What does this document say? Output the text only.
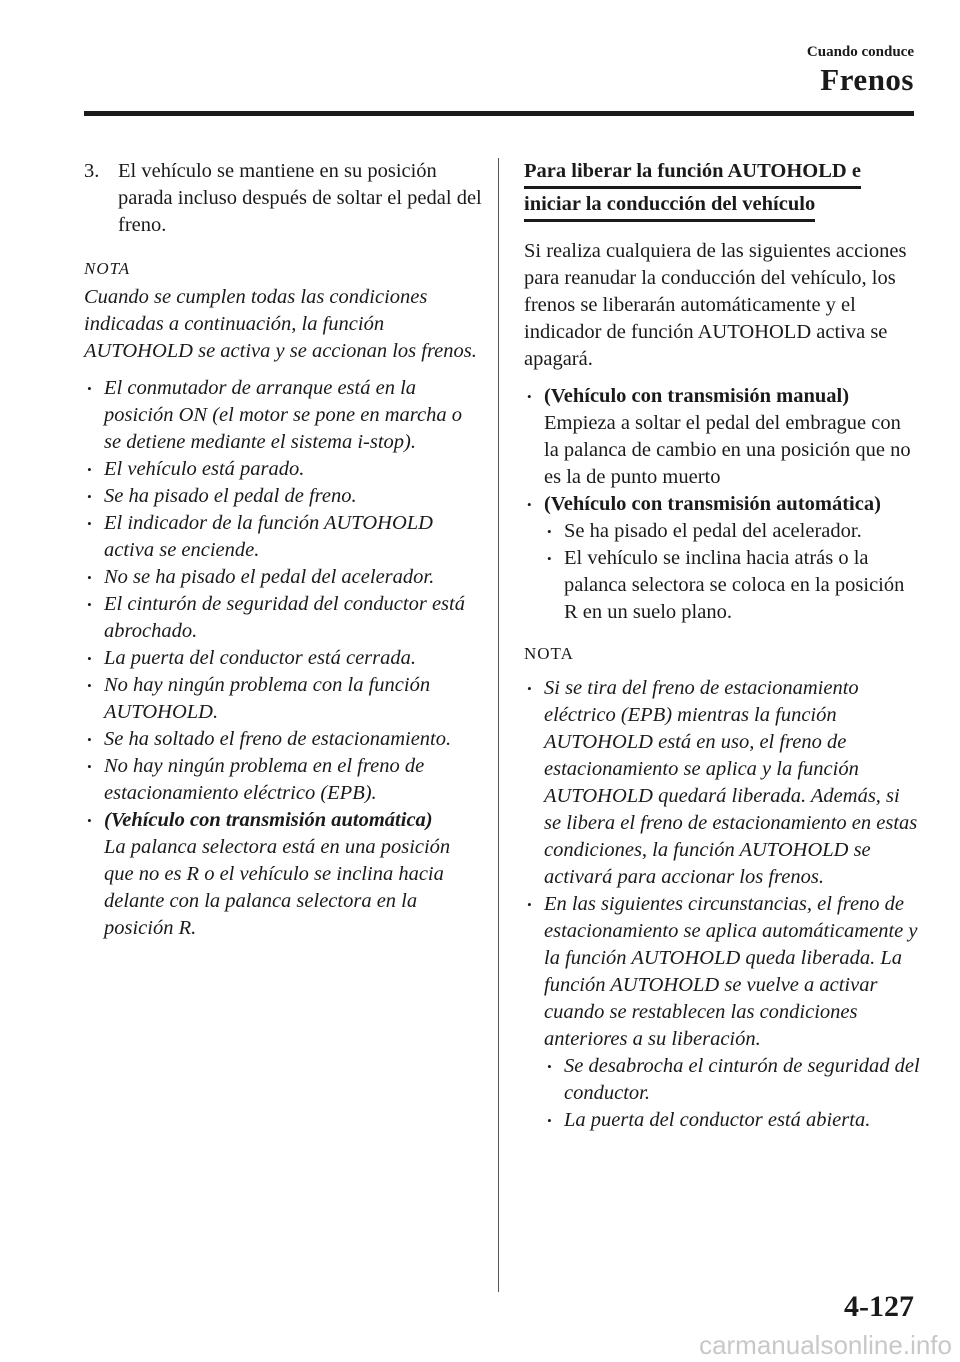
Cuando conduce
Frenos
3. El vehículo se mantiene en su posición parada incluso después de soltar el pedal del freno.
NOTA
Cuando se cumplen todas las condiciones indicadas a continuación, la función AUTOHOLD se activa y se accionan los frenos.
• El conmutador de arranque está en la posición ON (el motor se pone en marcha o se detiene mediante el sistema i-stop).
• El vehículo está parado.
• Se ha pisado el pedal de freno.
• El indicador de la función AUTOHOLD activa se enciende.
• No se ha pisado el pedal del acelerador.
• El cinturón de seguridad del conductor está abrochado.
• La puerta del conductor está cerrada.
• No hay ningún problema con la función AUTOHOLD.
• Se ha soltado el freno de estacionamiento.
• No hay ningún problema en el freno de estacionamiento eléctrico (EPB).
• (Vehículo con transmisión automática)
La palanca selectora está en una posición que no es R o el vehículo se inclina hacia delante con la palanca selectora en la posición R.
Para liberar la función AUTOHOLD e
iniciar la conducción del vehículo
Si realiza cualquiera de las siguientes acciones para reanudar la conducción del vehículo, los frenos se liberarán automáticamente y el indicador de función AUTOHOLD activa se apagará.
• (Vehículo con transmisión manual)
Empieza a soltar el pedal del embrague con la palanca de cambio en una posición que no es la de punto muerto
• (Vehículo con transmisión automática)
• Se ha pisado el pedal del acelerador.
• El vehículo se inclina hacia atrás o la palanca selectora se coloca en la posición R en un suelo plano.
NOTA
• Si se tira del freno de estacionamiento eléctrico (EPB) mientras la función AUTOHOLD está en uso, el freno de estacionamiento se aplica y la función AUTOHOLD quedará liberada. Además, si se libera el freno de estacionamiento en estas condiciones, la función AUTOHOLD se activará para accionar los frenos.
• En las siguientes circunstancias, el freno de estacionamiento se aplica automáticamente y la función AUTOHOLD queda liberada. La función AUTOHOLD se vuelve a activar cuando se restablecen las condiciones anteriores a su liberación.
• Se desabrocha el cinturón de seguridad del conductor.
• La puerta del conductor está abierta.
4-127
carmanualsonline.info
